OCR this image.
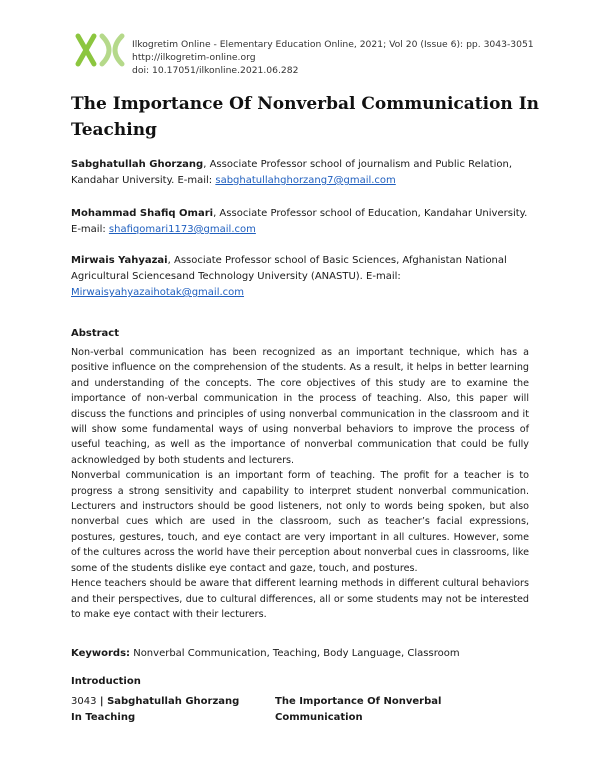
Ilkogretim Online - Elementary Education Online, 2021; Vol 20 (Issue 6): pp. 3043-3051
http://ilkogretim-online.org
doi: 10.17051/ilkonline.2021.06.282
The Importance Of Nonverbal Communication In Teaching
Sabghatullah Ghorzang, Associate Professor school of journalism and Public Relation, Kandahar University. E-mail: sabghatullahghorzang7@gmail.com
Mohammad Shafiq Omari, Associate Professor school of Education, Kandahar University. E-mail: shafiqomari1173@gmail.com
Mirwais Yahyazai, Associate Professor school of Basic Sciences, Afghanistan National Agricultural Sciencesand Technology University (ANASTU). E-mail: Mirwaisyahyazaihotak@gmail.com
Abstract

Non-verbal communication has been recognized as an important technique, which has a positive influence on the comprehension of the students. As a result, it helps in better learning and understanding of the concepts. The core objectives of this study are to examine the importance of non-verbal communication in the process of teaching. Also, this paper will discuss the functions and principles of using nonverbal communication in the classroom and it will show some fundamental ways of using nonverbal behaviors to improve the process of useful teaching, as well as the importance of nonverbal communication that could be fully acknowledged by both students and lecturers.

Nonverbal communication is an important form of teaching. The profit for a teacher is to progress a strong sensitivity and capability to interpret student nonverbal communication. Lecturers and instructors should be good listeners, not only to words being spoken, but also nonverbal cues which are used in the classroom, such as teacher’s facial expressions, postures, gestures, touch, and eye contact are very important in all cultures. However, some of the cultures across the world have their perception about nonverbal cues in classrooms, like some of the students dislike eye contact and gaze, touch, and postures.

Hence teachers should be aware that different learning methods in different cultural behaviors and their perspectives, due to cultural differences, all or some students may not be interested to make eye contact with their lecturers.

Keywords: Nonverbal Communication, Teaching, Body Language, Classroom
Introduction
3043 | Sabghatullah Ghorzang	The Importance Of Nonverbal Communication
In Teaching
